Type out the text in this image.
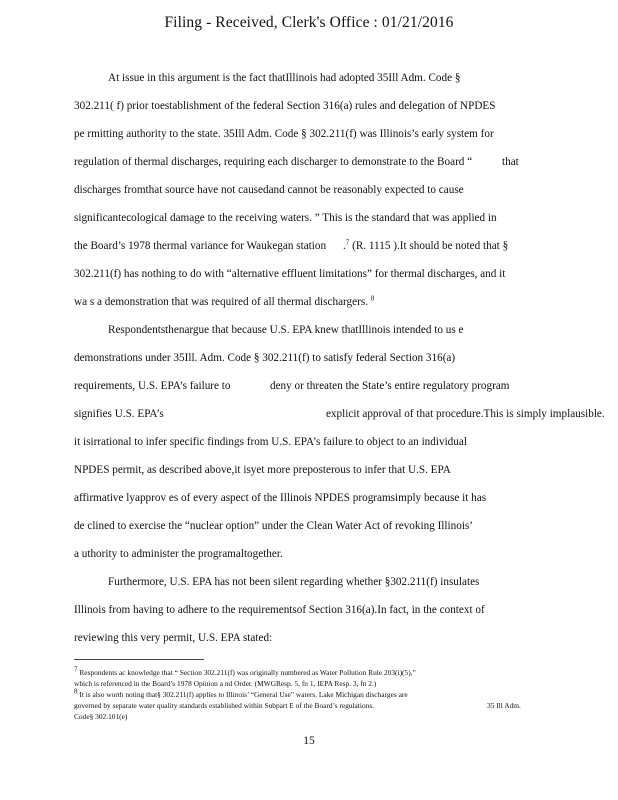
Filing - Received, Clerk's Office : 01/21/2016
At issue in this argument is the fact thatIllinois had adopted 35Ill Adm. Code §
302.211( f) prior toestablishment of the federal Section 316(a) rules and delegation of NPDES
pe rmitting authority to the state. 35Ill Adm. Code § 302.211(f) was Illinois’s early system for
regulation of thermal discharges, requiring each discharger to demonstrate to the Board “	that
discharges fromthat source have not causedand cannot be reasonably expected to cause
significantecological damage to the receiving waters. ” This is the standard that was applied in
the Board’s 1978 thermal variance for Waukegan station .$^7$ (R. 1115 ).It should be noted that §
302.211(f) has nothing to do with “alternative effluent limitations” for thermal discharges, and it
wa s a demonstration that was required of all thermal dischargers. $^8$
Respondentsthenargue that because U.S. EPA knew thatIllinois intended to us e
demonstrations under 35Ill. Adm. Code § 302.211(f) to satisfy federal Section 316(a)
requirements, U.S. EPA’s failure to	deny or threaten the State’s entire regulatory program
signifies U.S. EPA’s	explicit approval of that procedure.This is simply implausible.
it isirrational to infer specific findings from U.S. EPA’s failure to object to an individual
NPDES permit, as described above,it isyet more preposterous to infer that U.S. EPA
affirmative lyapprov es of every aspect of the Illinois NPDES programsimply because it has
de clined to exercise the “nuclear option” under the Clean Water Act of revoking Illinois’
a uthority to administer the programaltogether.
Furthermore, U.S. EPA has not been silent regarding whether §302.211(f) insulates
Illinois from having to adhere to the requirementsof Section 316(a).In fact, in the context of
reviewing this very permit, U.S. EPA stated:
7 Respondents ac knowledge that “ Section 302.211(f) was originally numbered as Water Pollution Rule 203(i)(5),”
which is referenced in the Board’s 1978 Opinion a nd Order. (MWGResp. 5, fn 1, IEPA Resp. 3, fn 2.)
8 It is also worth noting that§ 302.211(f) applies to Illinois’ “General Use” waters. Lake Michigan discharges are
governed by separate water quality standards established within Subpart E of the Board’s regulations.	35 Ill Adm.
Code§ 302.101(e)
15
